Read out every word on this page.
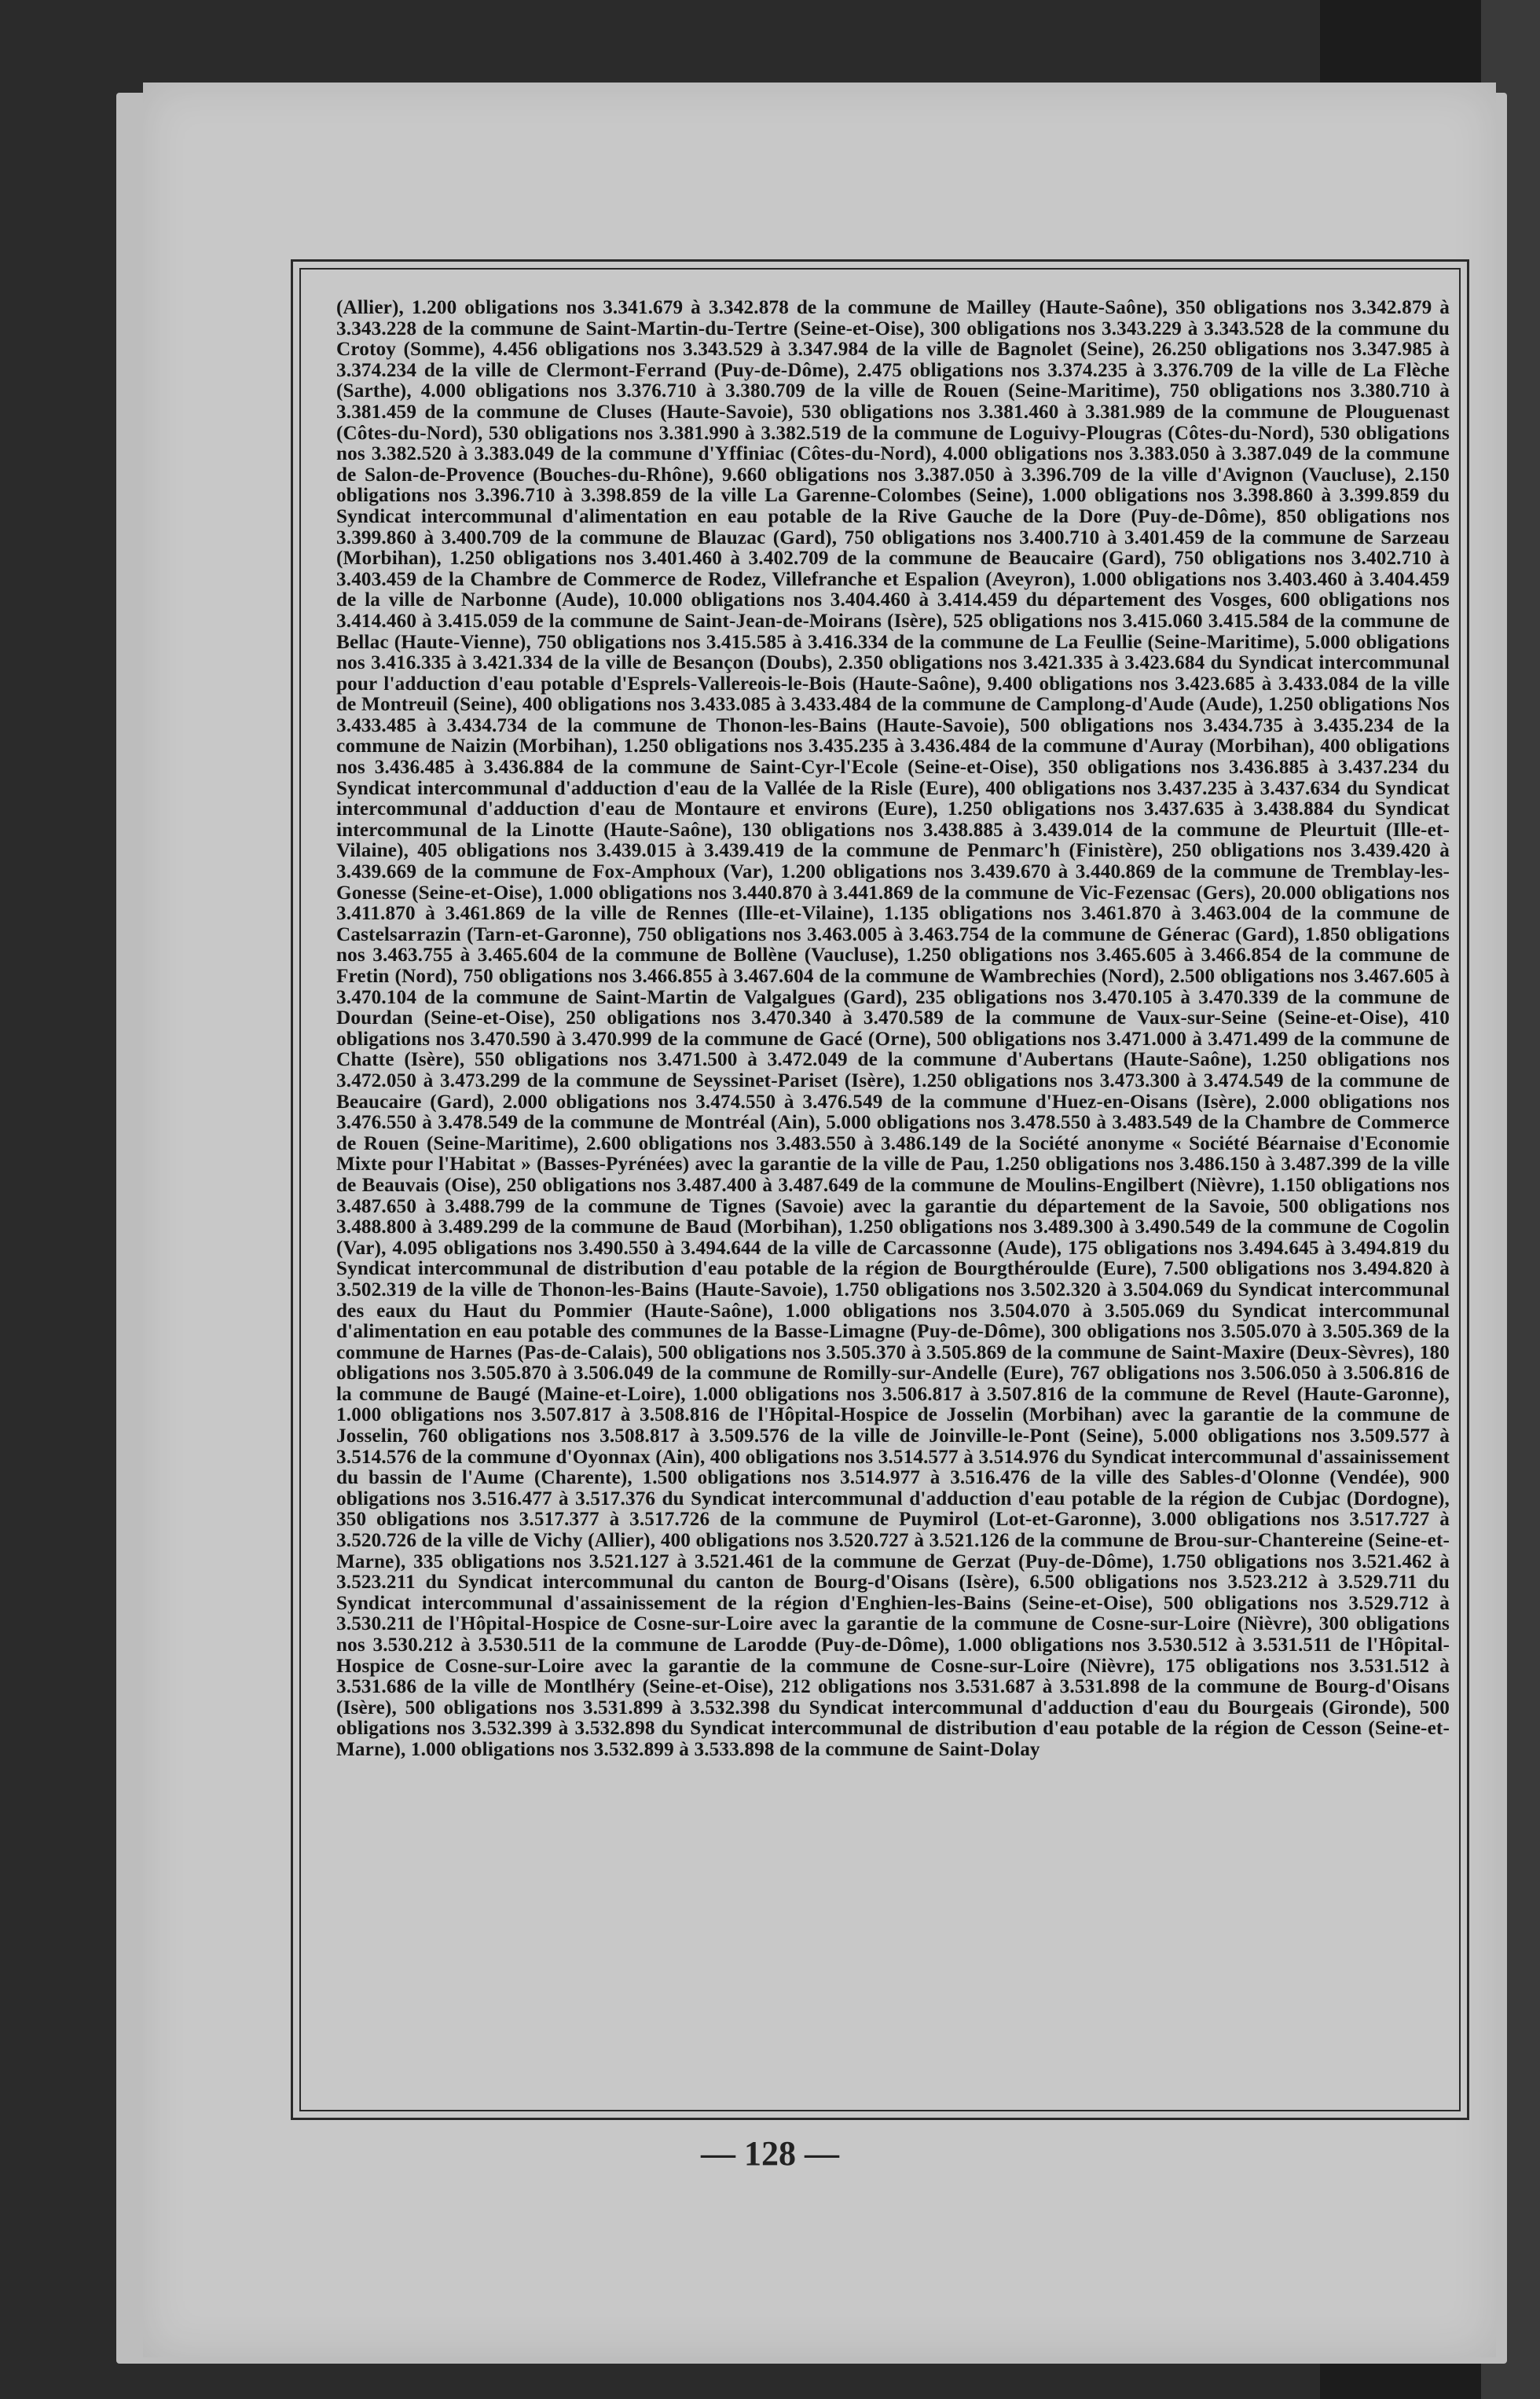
(Allier), 1.200 obligations nos 3.341.679 à 3.342.878 de la commune de Mailley (Haute-Saône), 350 obligations nos 3.342.879 à 3.343.228 de la commune de Saint-Martin-du-Tertre (Seine-et-Oise), 300 obligations nos 3.343.229 à 3.343.528 de la commune du Crotoy (Somme), 4.456 obligations nos 3.343.529 à 3.347.984 de la ville de Bagnolet (Seine), 26.250 obligations nos 3.347.985 à 3.374.234 de la ville de Clermont-Ferrand (Puy-de-Dôme), 2.475 obligations nos 3.374.235 à 3.376.709 de la ville de La Flèche (Sarthe), 4.000 obligations nos 3.376.710 à 3.380.709 de la ville de Rouen (Seine-Maritime), 750 obligations nos 3.380.710 à 3.381.459 de la commune de Cluses (Haute-Savoie), 530 obligations nos 3.381.460 à 3.381.989 de la commune de Plouguenast (Côtes-du-Nord), 530 obligations nos 3.381.990 à 3.382.519 de la commune de Loguivy-Plougras (Côtes-du-Nord), 530 obligations nos 3.382.520 à 3.383.049 de la commune d'Yffiniac (Côtes-du-Nord), 4.000 obligations nos 3.383.050 à 3.387.049 de la commune de Salon-de-Provence (Bouches-du-Rhône), 9.660 obligations nos 3.387.050 à 3.396.709 de la ville d'Avignon (Vaucluse), 2.150 obligations nos 3.396.710 à 3.398.859 de la ville La Garenne-Colombes (Seine), 1.000 obligations nos 3.398.860 à 3.399.859 du Syndicat intercommunal d'alimentation en eau potable de la Rive Gauche de la Dore (Puy-de-Dôme), 850 obligations nos 3.399.860 à 3.400.709 de la commune de Blauzac (Gard), 750 obligations nos 3.400.710 à 3.401.459 de la commune de Sarzeau (Morbihan), 1.250 obligations nos 3.401.460 à 3.402.709 de la commune de Beaucaire (Gard), 750 obligations nos 3.402.710 à 3.403.459 de la Chambre de Commerce de Rodez, Villefranche et Espalion (Aveyron), 1.000 obligations nos 3.403.460 à 3.404.459 de la ville de Narbonne (Aude), 10.000 obligations nos 3.404.460 à 3.414.459 du département des Vosges, 600 obligations nos 3.414.460 à 3.415.059 de la commune de Saint-Jean-de-Moirans (Isère), 525 obligations nos 3.415.060 3.415.584 de la commune de Bellac (Haute-Vienne), 750 obligations nos 3.415.585 à 3.416.334 de la commune de La Feullie (Seine-Maritime), 5.000 obligations nos 3.416.335 à 3.421.334 de la ville de Besançon (Doubs), 2.350 obligations nos 3.421.335 à 3.423.684 du Syndicat intercommunal pour l'adduction d'eau potable d'Esprels-Vallereois-le-Bois (Haute-Saône), 9.400 obligations nos 3.423.685 à 3.433.084 de la ville de Montreuil (Seine), 400 obligations nos 3.433.085 à 3.433.484 de la commune de Camplong-d'Aude (Aude), 1.250 obligations Nos 3.433.485 à 3.434.734 de la commune de Thonon-les-Bains (Haute-Savoie), 500 obligations nos 3.434.735 à 3.435.234 de la commune de Naizin (Morbihan), 1.250 obligations nos 3.435.235 à 3.436.484 de la commune d'Auray (Morbihan), 400 obligations nos 3.436.485 à 3.436.884 de la commune de Saint-Cyr-l'Ecole (Seine-et-Oise), 350 obligations nos 3.436.885 à 3.437.234 du Syndicat intercommunal d'adduction d'eau de la Vallée de la Risle (Eure), 400 obligations nos 3.437.235 à 3.437.634 du Syndicat intercommunal d'adduction d'eau de Montaure et environs (Eure), 1.250 obligations nos 3.437.635 à 3.438.884 du Syndicat intercommunal de la Linotte (Haute-Saône), 130 obligations nos 3.438.885 à 3.439.014 de la commune de Pleurtuit (Ille-et-Vilaine), 405 obligations nos 3.439.015 à 3.439.419 de la commune de Penmarc'h (Finistère), 250 obligations nos 3.439.420 à 3.439.669 de la commune de Fox-Amphoux (Var), 1.200 obligations nos 3.439.670 à 3.440.869 de la commune de Tremblay-les-Gonesse (Seine-et-Oise), 1.000 obligations nos 3.440.870 à 3.441.869 de la commune de Vic-Fezensac (Gers), 20.000 obligations nos 3.411.870 à 3.461.869 de la ville de Rennes (Ille-et-Vilaine), 1.135 obligations nos 3.461.870 à 3.463.004 de la commune de Castelsarrazin (Tarn-et-Garonne), 750 obligations nos 3.463.005 à 3.463.754 de la commune de Génerac (Gard), 1.850 obligations nos 3.463.755 à 3.465.604 de la commune de Bollène (Vaucluse), 1.250 obligations nos 3.465.605 à 3.466.854 de la commune de Fretin (Nord), 750 obligations nos 3.466.855 à 3.467.604 de la commune de Wambrechies (Nord), 2.500 obligations nos 3.467.605 à 3.470.104 de la commune de Saint-Martin de Valgalgues (Gard), 235 obligations nos 3.470.105 à 3.470.339 de la commune de Dourdan (Seine-et-Oise), 250 obligations nos 3.470.340 à 3.470.589 de la commune de Vaux-sur-Seine (Seine-et-Oise), 410 obligations nos 3.470.590 à 3.470.999 de la commune de Gacé (Orne), 500 obligations nos 3.471.000 à 3.471.499 de la commune de Chatte (Isère), 550 obligations nos 3.471.500 à 3.472.049 de la commune d'Aubertans (Haute-Saône), 1.250 obligations nos 3.472.050 à 3.473.299 de la commune de Seyssinet-Pariset (Isère), 1.250 obligations nos 3.473.300 à 3.474.549 de la commune de Beaucaire (Gard), 2.000 obligations nos 3.474.550 à 3.476.549 de la commune d'Huez-en-Oisans (Isère), 2.000 obligations nos 3.476.550 à 3.478.549 de la commune de Montréal (Ain), 5.000 obligations nos 3.478.550 à 3.483.549 de la Chambre de Commerce de Rouen (Seine-Maritime), 2.600 obligations nos 3.483.550 à 3.486.149 de la Société anonyme « Société Béarnaise d'Economie Mixte pour l'Habitat » (Basses-Pyrénées) avec la garantie de la ville de Pau, 1.250 obligations nos 3.486.150 à 3.487.399 de la ville de Beauvais (Oise), 250 obligations nos 3.487.400 à 3.487.649 de la commune de Moulins-Engilbert (Nièvre), 1.150 obligations nos 3.487.650 à 3.488.799 de la commune de Tignes (Savoie) avec la garantie du département de la Savoie, 500 obligations nos 3.488.800 à 3.489.299 de la commune de Baud (Morbihan), 1.250 obligations nos 3.489.300 à 3.490.549 de la commune de Cogolin (Var), 4.095 obligations nos 3.490.550 à 3.494.644 de la ville de Carcassonne (Aude), 175 obligations nos 3.494.645 à 3.494.819 du Syndicat intercommunal de distribution d'eau potable de la région de Bourgthéroulde (Eure), 7.500 obligations nos 3.494.820 à 3.502.319 de la ville de Thonon-les-Bains (Haute-Savoie), 1.750 obligations nos 3.502.320 à 3.504.069 du Syndicat intercommunal des eaux du Haut du Pommier (Haute-Saône), 1.000 obligations nos 3.504.070 à 3.505.069 du Syndicat intercommunal d'alimentation en eau potable des communes de la Basse-Limagne (Puy-de-Dôme), 300 obligations nos 3.505.070 à 3.505.369 de la commune de Harnes (Pas-de-Calais), 500 obligations nos 3.505.370 à 3.505.869 de la commune de Saint-Maxire (Deux-Sèvres), 180 obligations nos 3.505.870 à 3.506.049 de la commune de Romilly-sur-Andelle (Eure), 767 obligations nos 3.506.050 à 3.506.816 de la commune de Baugé (Maine-et-Loire), 1.000 obligations nos 3.506.817 à 3.507.816 de la commune de Revel (Haute-Garonne), 1.000 obligations nos 3.507.817 à 3.508.816 de l'Hôpital-Hospice de Josselin (Morbihan) avec la garantie de la commune de Josselin, 760 obligations nos 3.508.817 à 3.509.576 de la ville de Joinville-le-Pont (Seine), 5.000 obligations nos 3.509.577 à 3.514.576 de la commune d'Oyonnax (Ain), 400 obligations nos 3.514.577 à 3.514.976 du Syndicat intercommunal d'assainissement du bassin de l'Aume (Charente), 1.500 obligations nos 3.514.977 à 3.516.476 de la ville des Sables-d'Olonne (Vendée), 900 obligations nos 3.516.477 à 3.517.376 du Syndicat intercommunal d'adduction d'eau potable de la région de Cubjac (Dordogne), 350 obligations nos 3.517.377 à 3.517.726 de la commune de Puymirol (Lot-et-Garonne), 3.000 obligations nos 3.517.727 à 3.520.726 de la ville de Vichy (Allier), 400 obligations nos 3.520.727 à 3.521.126 de la commune de Brou-sur-Chantereine (Seine-et-Marne), 335 obligations nos 3.521.127 à 3.521.461 de la commune de Gerzat (Puy-de-Dôme), 1.750 obligations nos 3.521.462 à 3.523.211 du Syndicat intercommunal du canton de Bourg-d'Oisans (Isère), 6.500 obligations nos 3.523.212 à 3.529.711 du Syndicat intercommunal d'assainissement de la région d'Enghien-les-Bains (Seine-et-Oise), 500 obligations nos 3.529.712 à 3.530.211 de l'Hôpital-Hospice de Cosne-sur-Loire avec la garantie de la commune de Cosne-sur-Loire (Nièvre), 300 obligations nos 3.530.212 à 3.530.511 de la commune de Larodde (Puy-de-Dôme), 1.000 obligations nos 3.530.512 à 3.531.511 de l'Hôpital-Hospice de Cosne-sur-Loire avec la garantie de la commune de Cosne-sur-Loire (Nièvre), 175 obligations nos 3.531.512 à 3.531.686 de la ville de Montlhéry (Seine-et-Oise), 212 obligations nos 3.531.687 à 3.531.898 de la commune de Bourg-d'Oisans (Isère), 500 obligations nos 3.531.899 à 3.532.398 du Syndicat intercommunal d'adduction d'eau du Bourgeais (Gironde), 500 obligations nos 3.532.399 à 3.532.898 du Syndicat intercommunal de distribution d'eau potable de la région de Cesson (Seine-et-Marne), 1.000 obligations nos 3.532.899 à 3.533.898 de la commune de Saint-Dolay
— 128 —
